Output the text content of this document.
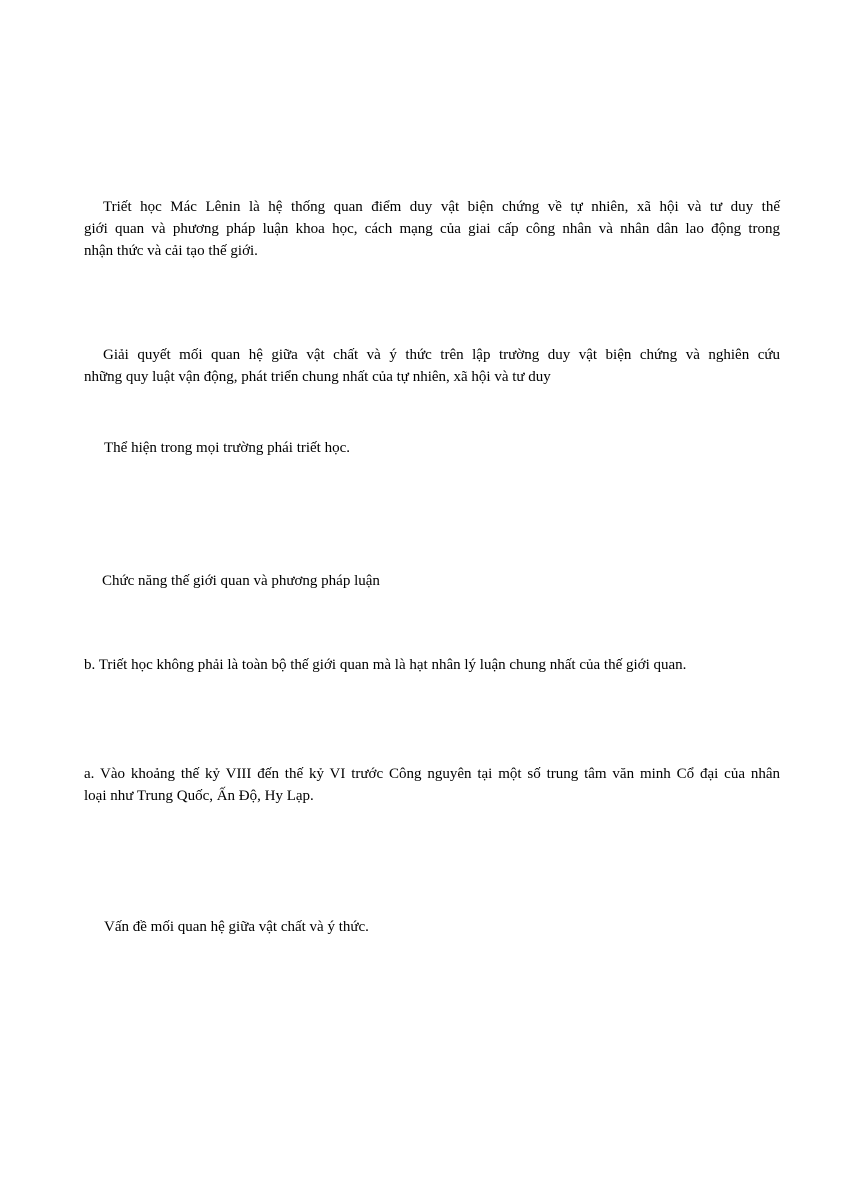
Triết học Mác Lênin là hệ thống quan điểm duy vật biện chứng về tự nhiên, xã hội và tư duy thế
giới quan và phương pháp luận khoa học, cách mạng của giai cấp công nhân và nhân dân lao động trong
nhận thức và cải tạo thế giới.
Giải quyết mối quan hệ giữa vật chất và ý thức trên lập trường duy vật biện chứng và nghiên cứu
những quy luật vận động, phát triển chung nhất của tự nhiên, xã hội và tư duy
Thể hiện trong mọi trường phái triết học.
Chức năng thế giới quan và phương pháp luận
b. Triết học không phải là toàn bộ thế giới quan mà là hạt nhân lý luận chung nhất của thế giới quan.
a. Vào khoảng thế kỷ VIII đến thế kỷ VI trước Công nguyên tại một số trung tâm văn minh Cổ đại của nhân
loại như Trung Quốc, Ấn Độ, Hy Lạp.
Vấn đề mối quan hệ giữa vật chất và ý thức.
